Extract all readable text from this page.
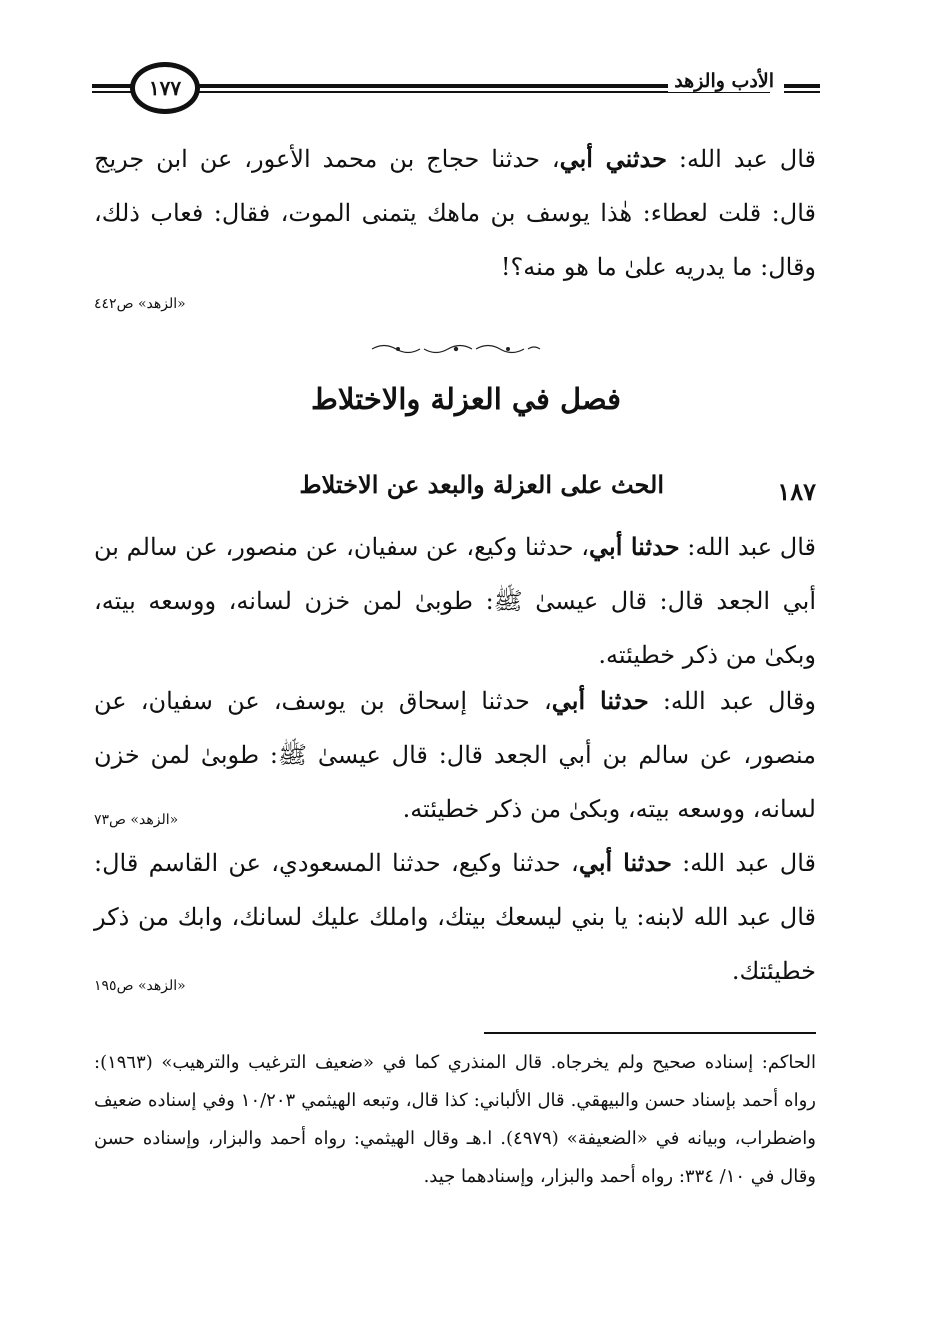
الأدب والزهد
١٧٧
قال عبد الله: حدثني أبي، حدثنا حجاج بن محمد الأعور، عن ابن جريج قال: قلت لعطاء: هٰذا يوسف بن ماهك يتمنى الموت، فقال: فعاب ذلك، وقال: ما يدريه علىٰ ما هو منه؟!
«الزهد» ص٤٤٢
فصل في العزلة والاختلاط
١٨٧
الحث على العزلة والبعد عن الاختلاط
قال عبد الله: حدثنا أبي، حدثنا وكيع، عن سفيان، عن منصور، عن سالم بن أبي الجعد قال: قال عيسىٰ ﷺ: طوبىٰ لمن خزن لسانه، ووسعه بيته، وبكىٰ من ذكر خطيئته.
وقال عبد الله: حدثنا أبي، حدثنا إسحاق بن يوسف، عن سفيان، عن منصور، عن سالم بن أبي الجعد قال: قال عيسىٰ ﷺ: طوبىٰ لمن خزن لسانه، ووسعه بيته، وبكىٰ من ذكر خطيئته.
«الزهد» ص٧٣
قال عبد الله: حدثنا أبي، حدثنا وكيع، حدثنا المسعودي، عن القاسم قال: قال عبد الله لابنه: يا بني ليسعك بيتك، واملك عليك لسانك، وابك من ذكر خطيئتك.
«الزهد» ص١٩٥
الحاكم: إسناده صحيح ولم يخرجاه. قال المنذري كما في «ضعيف الترغيب والترهيب» (١٩٦٣): رواه أحمد بإسناد حسن والبيهقي. قال الألباني: كذا قال، وتبعه الهيثمي ١٠/٢٠٣ وفي إسناده ضعيف واضطراب، وبيانه في «الضعيفة» (٤٩٧٩). ا.هـ وقال الهيثمي: رواه أحمد والبزار، وإسناده حسن وقال في ١٠/ ٣٣٤: رواه أحمد والبزار، وإسنادهما جيد.
